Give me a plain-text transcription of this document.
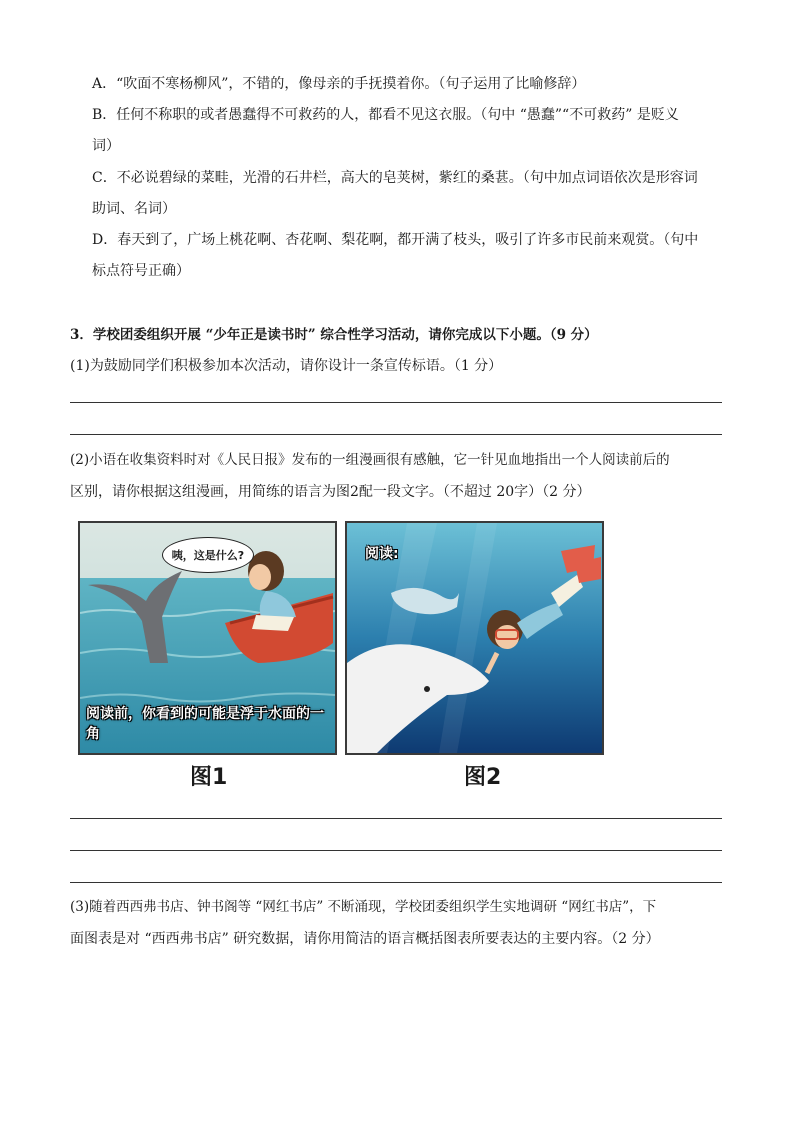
A．“吹面不寒杨柳风”，不错的，像母亲的手抚摸着你。（句子运用了比喻修辞）
B．任何不称职的或者愚蠢得不可救药的人，都看不见这衣服。（句中 “愚蠢”“不可救药” 是贬义
词）
C．不必说碧绿的菜畦，光滑的石井栏，高大的皂荚树，紫红的桑葚。（句中加点词语依次是形容词
助词、名词）
D．春天到了，广场上桃花啊、杏花啊、梨花啊，都开满了枝头，吸引了许多市民前来观赏。（句中
标点符号正确）
3．学校团委组织开展 “少年正是读书时” 综合性学习活动，请你完成以下小题。（9 分）
(1)为鼓励同学们积极参加本次活动，请你设计一条宣传标语。（1 分）
(2)小语在收集资料时对《人民日报》发布的一组漫画很有感触，它一针见血地指出一个人阅读前后的
区别，请你根据这组漫画，用简练的语言为图2配一段文字。（不超过 20字）（2 分）
咦，这是什么?
阅读前，你看到的可能是浮于水面的一角
阅读:
图1	图2
(3)随着西西弗书店、钟书阁等 “网红书店” 不断涌现，学校团委组织学生实地调研 “网红书店”，下
面图表是对 “西西弗书店” 研究数据，请你用简洁的语言概括图表所要表达的主要内容。（2 分）
